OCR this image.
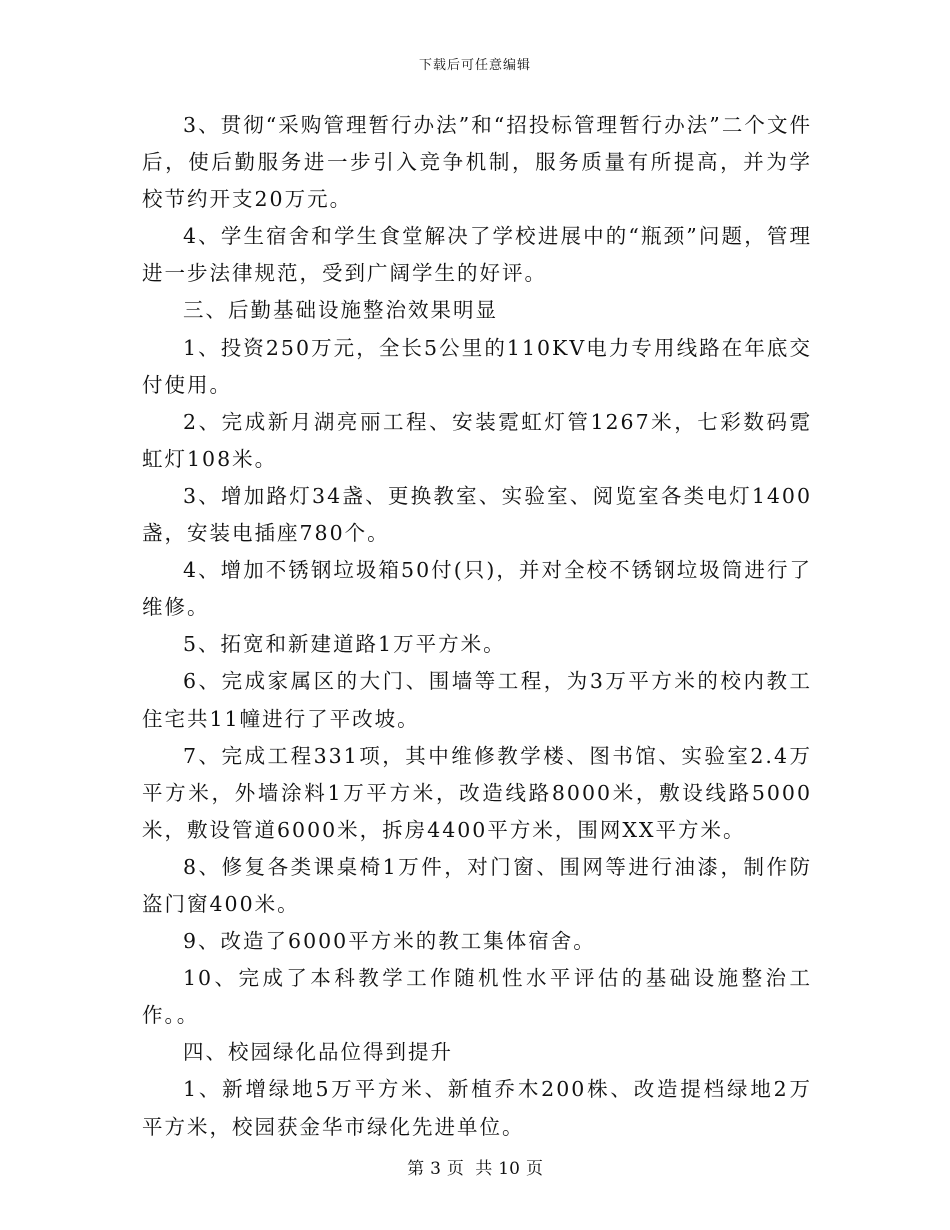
下载后可任意编辑

3、贯彻“采购管理暂行办法”和“招投标管理暂行办法”二个文件后，使后勤服务进一步引入竞争机制，服务质量有所提高，并为学校节约开支20万元。

4、学生宿舍和学生食堂解决了学校进展中的“瓶颈”问题，管理进一步法律规范，受到广阔学生的好评。

三、后勤基础设施整治效果明显

1、投资250万元，全长5公里的110KV电力专用线路在年底交付使用。

2、完成新月湖亮丽工程、安装霓虹灯管1267米，七彩数码霓虹灯108米。

3、增加路灯34盏、更换教室、实验室、阅览室各类电灯1400盏，安装电插座780个。

4、增加不锈钢垃圾箱50付(只)，并对全校不锈钢垃圾筒进行了维修。

5、拓宽和新建道路1万平方米。

6、完成家属区的大门、围墙等工程，为3万平方米的校内教工住宅共11幢进行了平改坡。

7、完成工程331项，其中维修教学楼、图书馆、实验室2.4万平方米，外墙涂料1万平方米，改造线路8000米，敷设线路5000米，敷设管道6000米，拆房4400平方米，围网XX平方米。

8、修复各类课桌椅1万件，对门窗、围网等进行油漆，制作防盗门窗400米。

9、改造了6000平方米的教工集体宿舍。

10、完成了本科教学工作随机性水平评估的基础设施整治工作。。

四、校园绿化品位得到提升

1、新增绿地5万平方米、新植乔木200株、改造提档绿地2万平方米，校园获金华市绿化先进单位。

第 3 页 共 10 页
